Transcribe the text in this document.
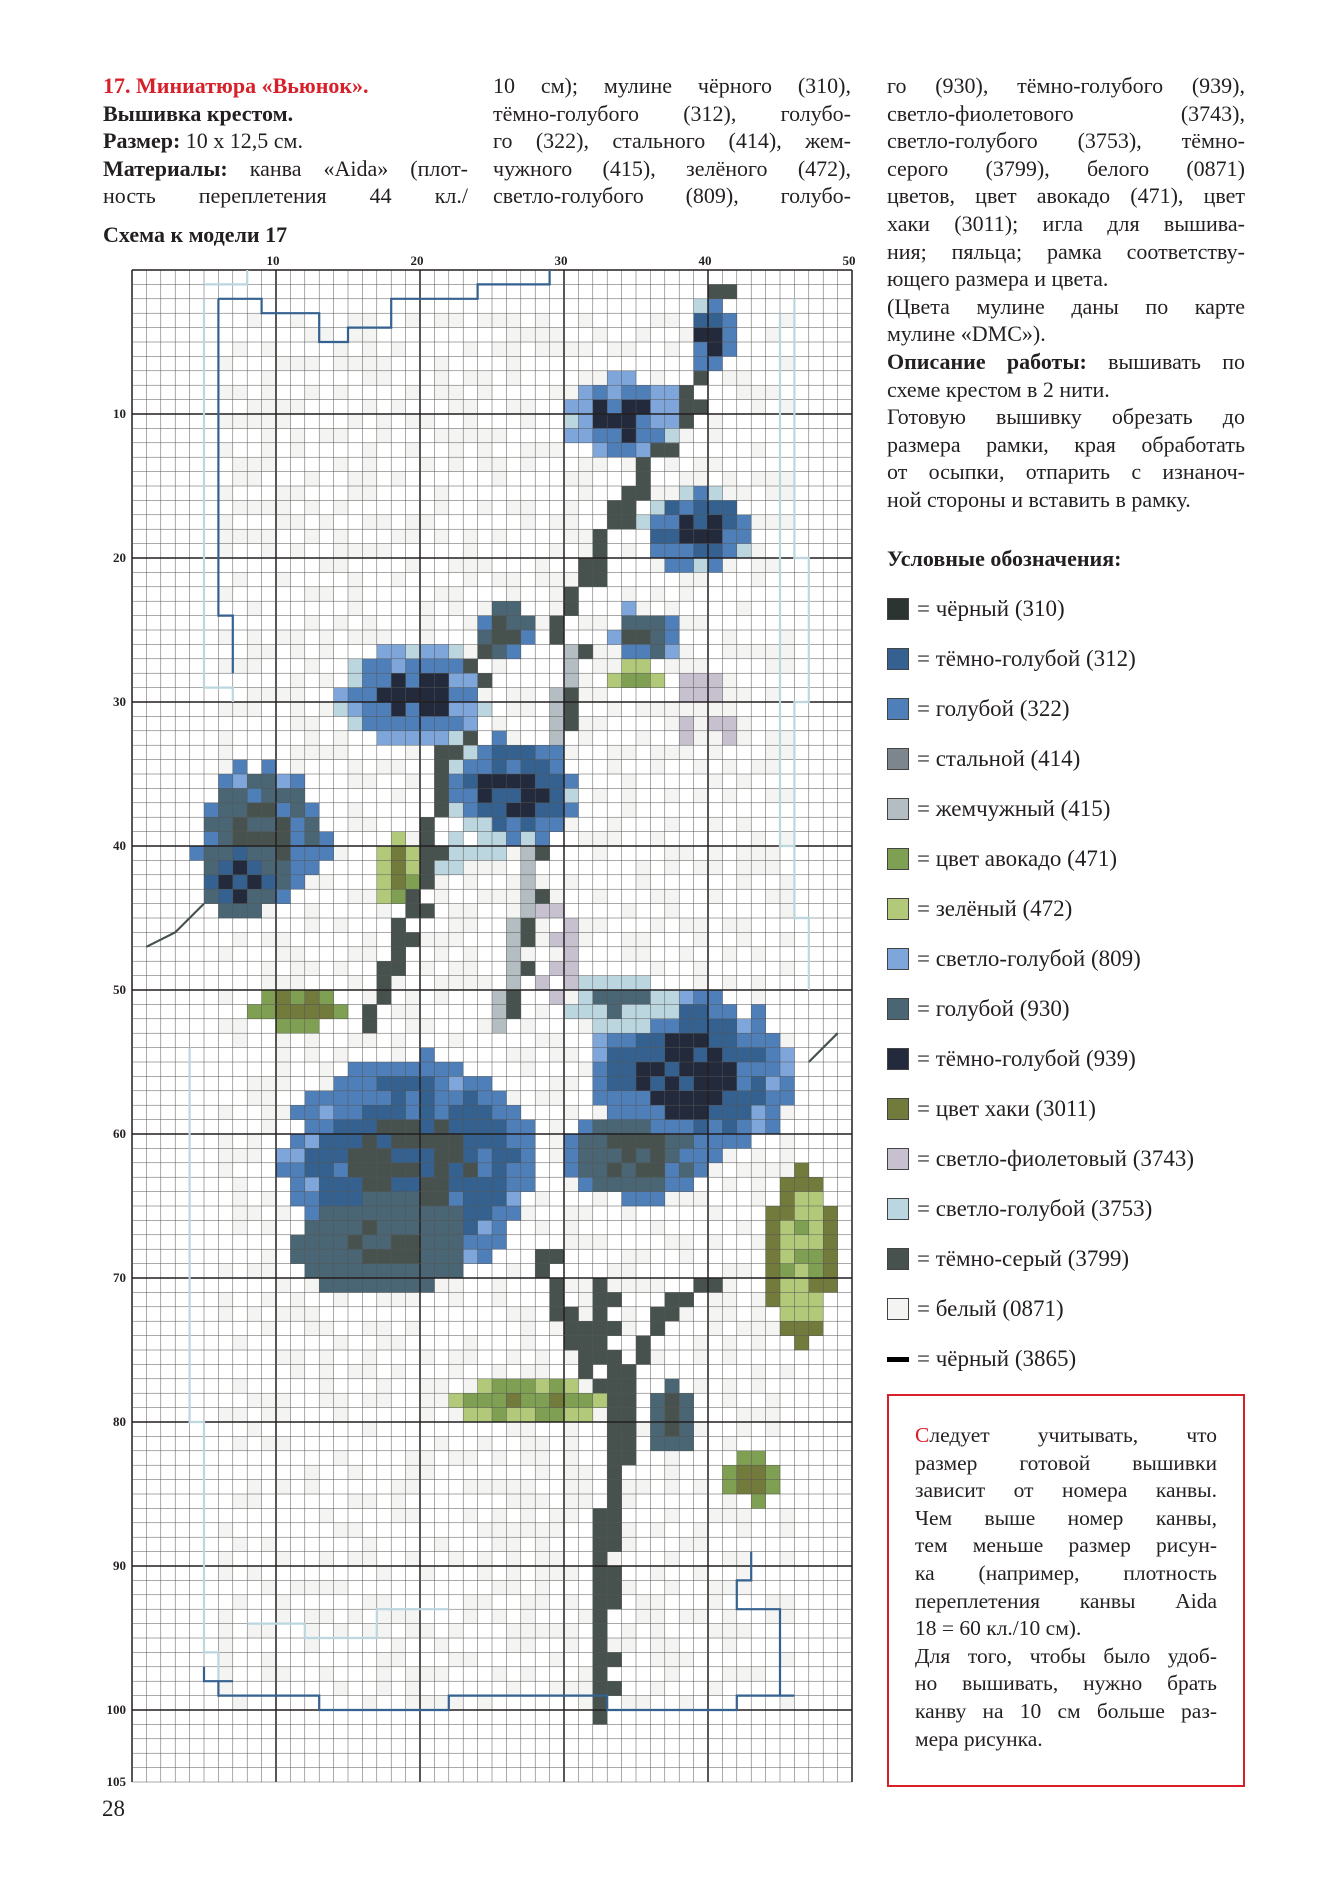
17. Миниатюра «Вьюнок».
Вышивка крестом.
Размер: 10 х 12,5 см.

Материалы: канва «Aida» (плот-
ность переплетения 44 кл./
10 см); мулине чёрного (310),
тёмно-голубого (312), голубо-
го (322), стального (414), жем-
чужного (415), зелёного (472),
светло-голубого (809), голубо-
го (930), тёмно-голубого (939),
светло-фиолетового (3743),
светло-голубого (3753), тёмно-
серого (3799), белого (0871)
цветов, цвет авокадо (471), цвет
хаки (3011); игла для вышива-
ния; пяльца; рамка соответству-
ющего размера и цвета.
(Цвета мулине даны по карте
мулине «DMC»).
Описание работы: вышивать по
схеме крестом в 2 нити.
Готовую вышивку обрезать до
размера рамки, края обработать
от осыпки, отпарить с изнаноч-
ной стороны и вставить в рамку.
Схема к модели 17
10	20	30	40	50
10
20
30
40
50
60
70
80
90
100
105
Условные обозначения:
= чёрный (310)
= тёмно-голубой (312)
= голубой (322)
= стальной (414)
= жемчужный (415)
= цвет авокадо (471)
= зелёный (472)
= светло-голубой (809)
= голубой (930)
= тёмно-голубой (939)
= цвет хаки (3011)
= светло-фиолетовый (3743)
= светло-голубой (3753)
= тёмно-серый (3799)
= белый (0871)
= чёрный (3865)
Следует учитывать, что
размер готовой вышивки
зависит от номера канвы.
Чем выше номер канвы,
тем меньше размер рисун-
ка (например, плотность
переплетения канвы Aida
18 = 60 кл./10 см).
Для того, чтобы было удоб-
но вышивать, нужно брать
канву на 10 см больше раз-
мера рисунка.
28
